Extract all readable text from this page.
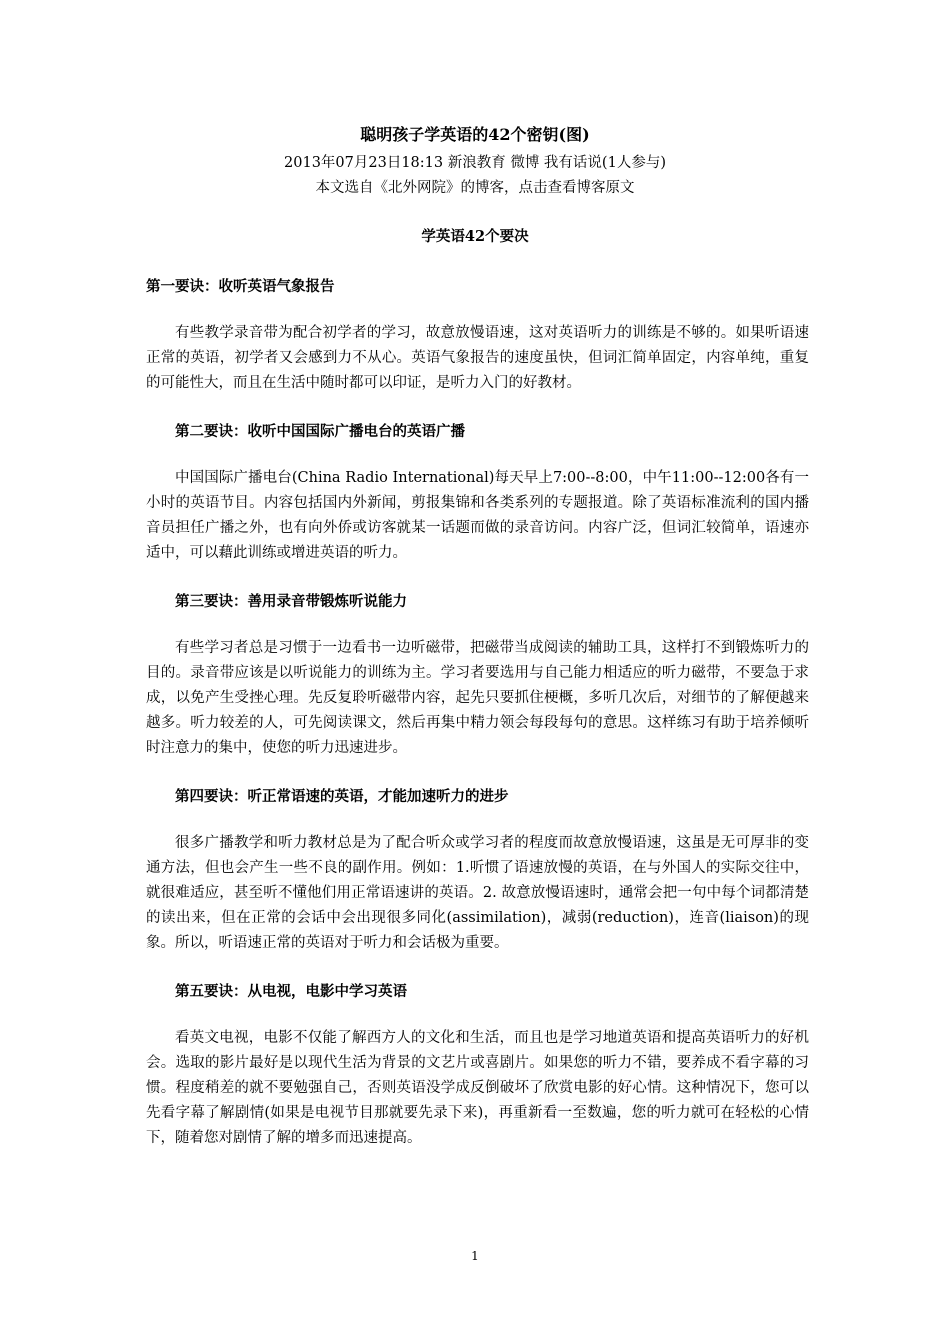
聪明孩子学英语的42个密钥(图)
2013年07月23日18:13 新浪教育 微博 我有话说(1人参与)
本文选自《北外网院》的博客，点击查看博客原文
学英语42个要决

第一要诀：收听英语气象报告

有些教学录音带为配合初学者的学习，故意放慢语速，这对英语听力的训练是不够的。如果听语速正常的英语，初学者又会感到力不从心。英语气象报告的速度虽快，但词汇简单固定，内容单纯，重复的可能性大，而且在生活中随时都可以印证，是听力入门的好教材。

第二要诀：收听中国国际广播电台的英语广播

中国国际广播电台(China Radio International)每天早上7:00--8:00，中午11:00--12:00各有一小时的英语节目。内容包括国内外新闻，剪报集锦和各类系列的专题报道。除了英语标准流利的国内播音员担任广播之外，也有向外侨或访客就某一话题而做的录音访问。内容广泛，但词汇较简单，语速亦适中，可以藉此训练或增进英语的听力。

第三要诀：善用录音带锻炼听说能力

有些学习者总是习惯于一边看书一边听磁带，把磁带当成阅读的辅助工具，这样打不到锻炼听力的目的。录音带应该是以听说能力的训练为主。学习者要选用与自己能力相适应的听力磁带，不要急于求成，以免产生受挫心理。先反复聆听磁带内容，起先只要抓住梗概，多听几次后，对细节的了解便越来越多。听力较差的人，可先阅读课文，然后再集中精力领会每段每句的意思。这样练习有助于培养倾听时注意力的集中，使您的听力迅速进步。

第四要诀：听正常语速的英语，才能加速听力的进步

很多广播教学和听力教材总是为了配合听众或学习者的程度而故意放慢语速，这虽是无可厚非的变通方法，但也会产生一些不良的副作用。例如：1.听惯了语速放慢的英语，在与外国人的实际交往中，就很难适应，甚至听不懂他们用正常语速讲的英语。2. 故意放慢语速时，通常会把一句中每个词都清楚的读出来，但在正常的会话中会出现很多同化(assimilation)，减弱(reduction)，连音(liaison)的现象。所以，听语速正常的英语对于听力和会话极为重要。

第五要诀：从电视，电影中学习英语

看英文电视，电影不仅能了解西方人的文化和生活，而且也是学习地道英语和提高英语听力的好机会。选取的影片最好是以现代生活为背景的文艺片或喜剧片。如果您的听力不错，要养成不看字幕的习惯。程度稍差的就不要勉强自己，否则英语没学成反倒破坏了欣赏电影的好心情。这种情况下，您可以先看字幕了解剧情(如果是电视节目那就要先录下来)，再重新看一至数遍，您的听力就可在轻松的心情下，随着您对剧情了解的增多而迅速提高。

1
